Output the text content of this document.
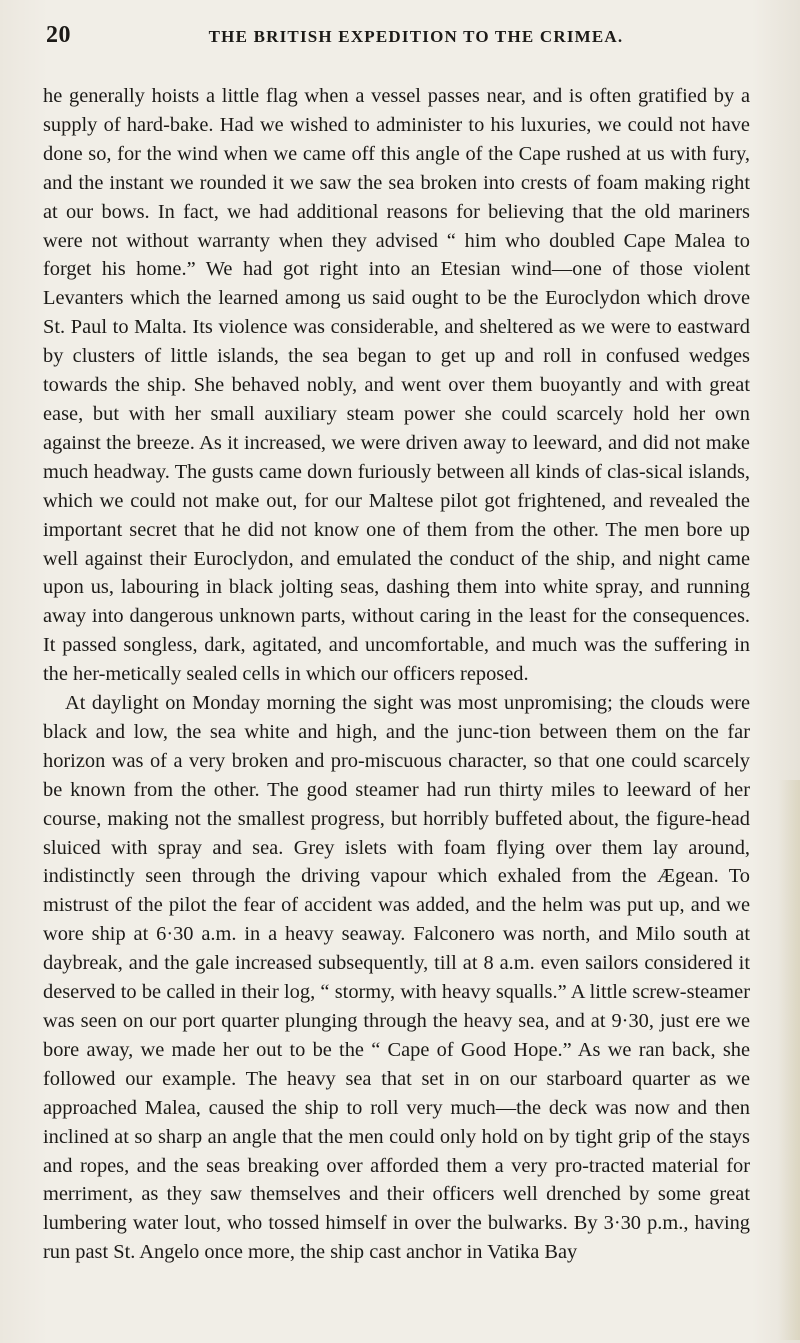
20	THE BRITISH EXPEDITION TO THE CRIMEA.

he generally hoists a little flag when a vessel passes near, and is often gratified by a supply of hard-bake. Had we wished to administer to his luxuries, we could not have done so, for the wind when we came off this angle of the Cape rushed at us with fury, and the instant we rounded it we saw the sea broken into crests of foam making right at our bows. In fact, we had additional reasons for believing that the old mariners were not without warranty when they advised “ him who doubled Cape Malea to forget his home.” We had got right into an Etesian wind—one of those violent Levanters which the learned among us said ought to be the Euroclydon which drove St. Paul to Malta. Its violence was considerable, and sheltered as we were to eastward by clusters of little islands, the sea began to get up and roll in confused wedges towards the ship. She behaved nobly, and went over them buoyantly and with great ease, but with her small auxiliary steam power she could scarcely hold her own against the breeze. As it increased, we were driven away to leeward, and did not make much headway. The gusts came down furiously between all kinds of clas-sical islands, which we could not make out, for our Maltese pilot got frightened, and revealed the important secret that he did not know one of them from the other. The men bore up well against their Euroclydon, and emulated the conduct of the ship, and night came upon us, labouring in black jolting seas, dashing them into white spray, and running away into dangerous unknown parts, without caring in the least for the consequences. It passed songless, dark, agitated, and uncomfortable, and much was the suffering in the her-metically sealed cells in which our officers reposed.

At daylight on Monday morning the sight was most unpromising; the clouds were black and low, the sea white and high, and the junc-tion between them on the far horizon was of a very broken and pro-miscuous character, so that one could scarcely be known from the other. The good steamer had run thirty miles to leeward of her course, making not the smallest progress, but horribly buffeted about, the figure-head sluiced with spray and sea. Grey islets with foam flying over them lay around, indistinctly seen through the driving vapour which exhaled from the Ægean. To mistrust of the pilot the fear of accident was added, and the helm was put up, and we wore ship at 6·30 a.m. in a heavy seaway. Falconero was north, and Milo south at daybreak, and the gale increased subsequently, till at 8 a.m. even sailors considered it deserved to be called in their log, “ stormy, with heavy squalls.” A little screw-steamer was seen on our port quarter plunging through the heavy sea, and at 9·30, just ere we bore away, we made her out to be the “ Cape of Good Hope.” As we ran back, she followed our example. The heavy sea that set in on our starboard quarter as we approached Malea, caused the ship to roll very much—the deck was now and then inclined at so sharp an angle that the men could only hold on by tight grip of the stays and ropes, and the seas breaking over afforded them a very pro-tracted material for merriment, as they saw themselves and their officers well drenched by some great lumbering water lout, who tossed himself in over the bulwarks. By 3·30 p.m., having run past St. Angelo once more, the ship cast anchor in Vatika Bay
